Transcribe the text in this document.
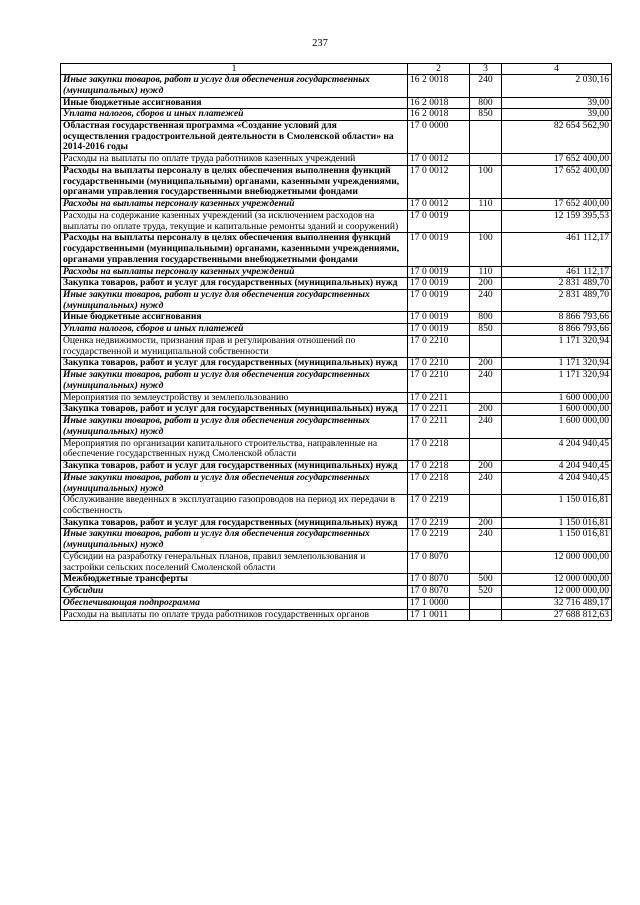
237
1	2	3	4
Иные закупки товаров, работ и услуг для обеспечения государственных (муниципальных) нужд	16 2 0018	240	2 030,16
Иные бюджетные ассигнования	16 2 0018	800	39,00
Уплата налогов, сборов и иных платежей	16 2 0018	850	39,00
Областная государственная программа «Создание условий для осуществления градостроительной деятельности в Смоленской области» на 2014-2016 годы	17 0 0000		82 654 562,90
Расходы на выплаты по оплате труда работников казенных учреждений	17 0 0012		17 652 400,00
Расходы на выплаты персоналу в целях обеспечения выполнения функций государственными (муниципальными) органами, казенными учреждениями, органами управления государственными внебюджетными фондами	17 0 0012	100	17 652 400,00
Расходы на выплаты персоналу казенных учреждений	17 0 0012	110	17 652 400,00
Расходы на содержание казенных учреждений (за исключением расходов на выплаты по оплате труда, текущие и капитальные ремонты зданий и сооружений)	17 0 0019		12 159 395,53
Расходы на выплаты персоналу в целях обеспечения выполнения функций государственными (муниципальными) органами, казенными учреждениями, органами управления государственными внебюджетными фондами	17 0 0019	100	461 112,17
Расходы на выплаты персоналу казенных учреждений	17 0 0019	110	461 112,17
Закупка товаров, работ и услуг для государственных (муниципальных) нужд	17 0 0019	200	2 831 489,70
Иные закупки товаров, работ и услуг для обеспечения государственных (муниципальных) нужд	17 0 0019	240	2 831 489,70
Иные бюджетные ассигнования	17 0 0019	800	8 866 793,66
Уплата налогов, сборов и иных платежей	17 0 0019	850	8 866 793,66
Оценка недвижимости, признания прав и регулирования отношений по государственной и муниципальной собственности	17 0 2210		1 171 320,94
Закупка товаров, работ и услуг для государственных (муниципальных) нужд	17 0 2210	200	1 171 320,94
Иные закупки товаров, работ и услуг для обеспечения государственных (муниципальных) нужд	17 0 2210	240	1 171 320,94
Мероприятия по землеустройству и землепользованию	17 0 2211		1 600 000,00
Закупка товаров, работ и услуг для государственных (муниципальных) нужд	17 0 2211	200	1 600 000,00
Иные закупки товаров, работ и услуг для обеспечения государственных (муниципальных) нужд	17 0 2211	240	1 600 000,00
Мероприятия по организации капитального строительства, направленные на обеспечение государственных нужд Смоленской области	17 0 2218		4 204 940,45
Закупка товаров, работ и услуг для государственных (муниципальных) нужд	17 0 2218	200	4 204 940,45
Иные закупки товаров, работ и услуг для обеспечения государственных (муниципальных) нужд	17 0 2218	240	4 204 940,45
Обслуживание введенных в эксплуатацию газопроводов на период их передачи в собственность	17 0 2219		1 150 016,81
Закупка товаров, работ и услуг для государственных (муниципальных) нужд	17 0 2219	200	1 150 016,81
Иные закупки товаров, работ и услуг для обеспечения государственных (муниципальных) нужд	17 0 2219	240	1 150 016,81
Субсидии на разработку генеральных планов, правил землепользования и застройки сельских поселений Смоленской области	17 0 8070		12 000 000,00
Межбюджетные трансферты	17 0 8070	500	12 000 000,00
Субсидии	17 0 8070	520	12 000 000,00
Обеспечивающая подпрограмма	17 1 0000		32 716 489,17
Расходы на выплаты по оплате труда работников государственных органов	17 1 0011		27 688 812,63
